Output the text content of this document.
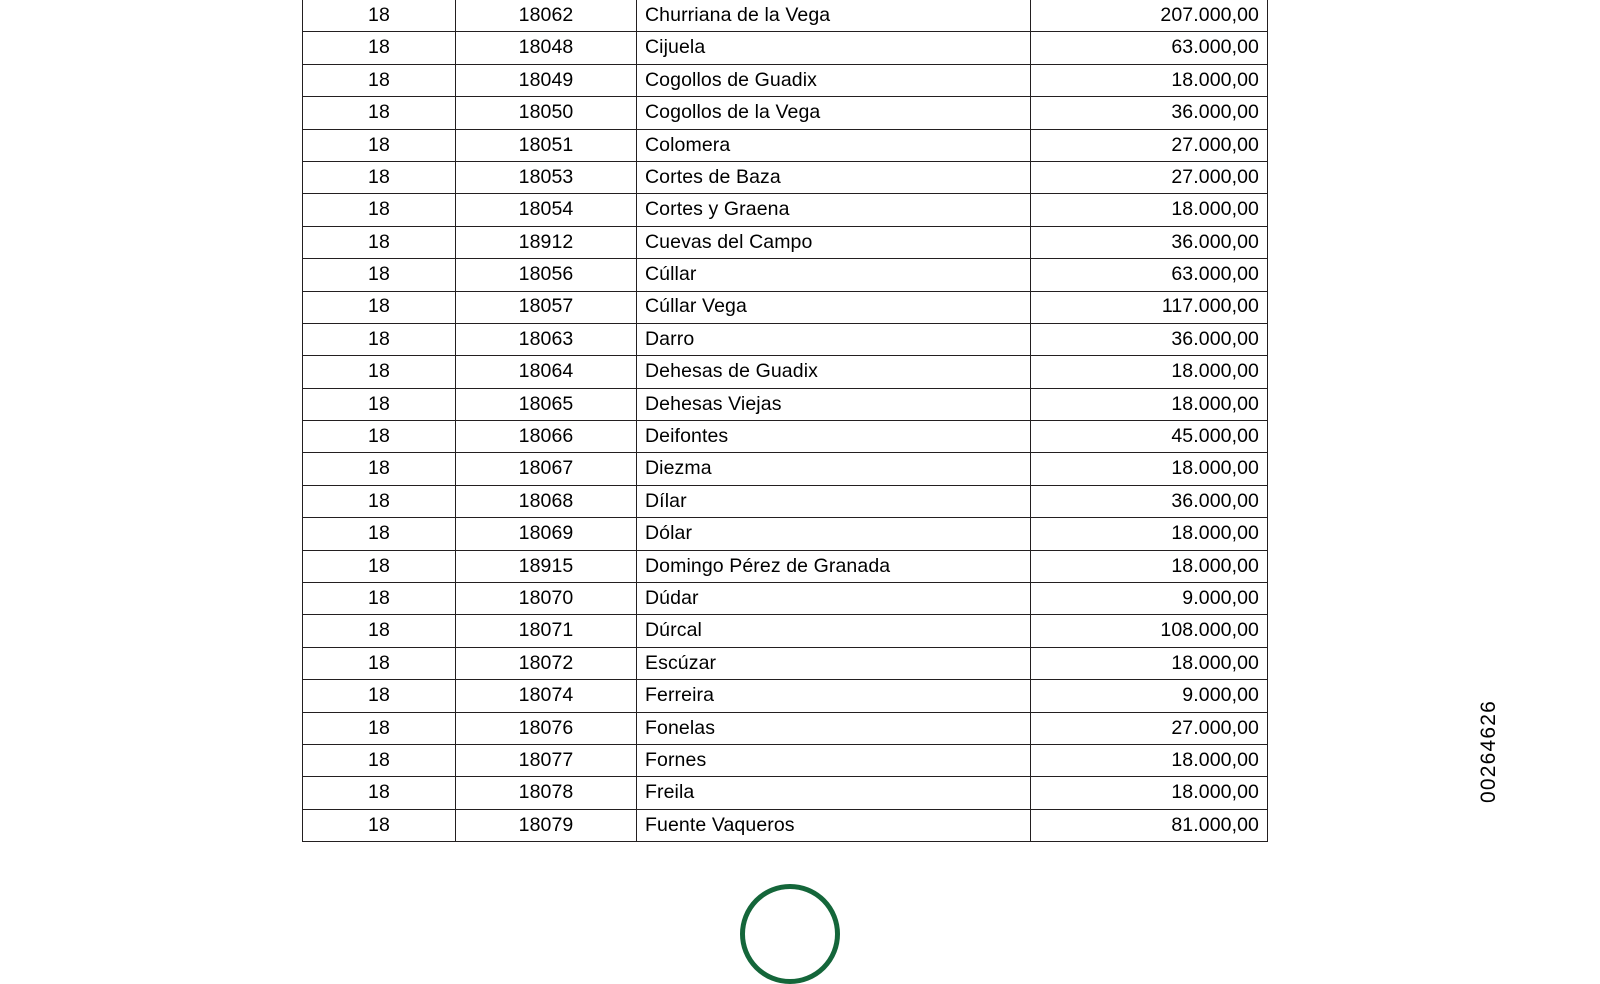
18	18062	Churriana de la Vega	207.000,00
18	18048	Cijuela	63.000,00
18	18049	Cogollos de Guadix	18.000,00
18	18050	Cogollos de la Vega	36.000,00
18	18051	Colomera	27.000,00
18	18053	Cortes de Baza	27.000,00
18	18054	Cortes y Graena	18.000,00
18	18912	Cuevas del Campo	36.000,00
18	18056	Cúllar	63.000,00
18	18057	Cúllar Vega	117.000,00
18	18063	Darro	36.000,00
18	18064	Dehesas de Guadix	18.000,00
18	18065	Dehesas Viejas	18.000,00
18	18066	Deifontes	45.000,00
18	18067	Diezma	18.000,00
18	18068	Dílar	36.000,00
18	18069	Dólar	18.000,00
18	18915	Domingo Pérez de Granada	18.000,00
18	18070	Dúdar	9.000,00
18	18071	Dúrcal	108.000,00
18	18072	Escúzar	18.000,00
18	18074	Ferreira	9.000,00
18	18076	Fonelas	27.000,00
18	18077	Fornes	18.000,00
18	18078	Freila	18.000,00
18	18079	Fuente Vaqueros	81.000,00
00264626
